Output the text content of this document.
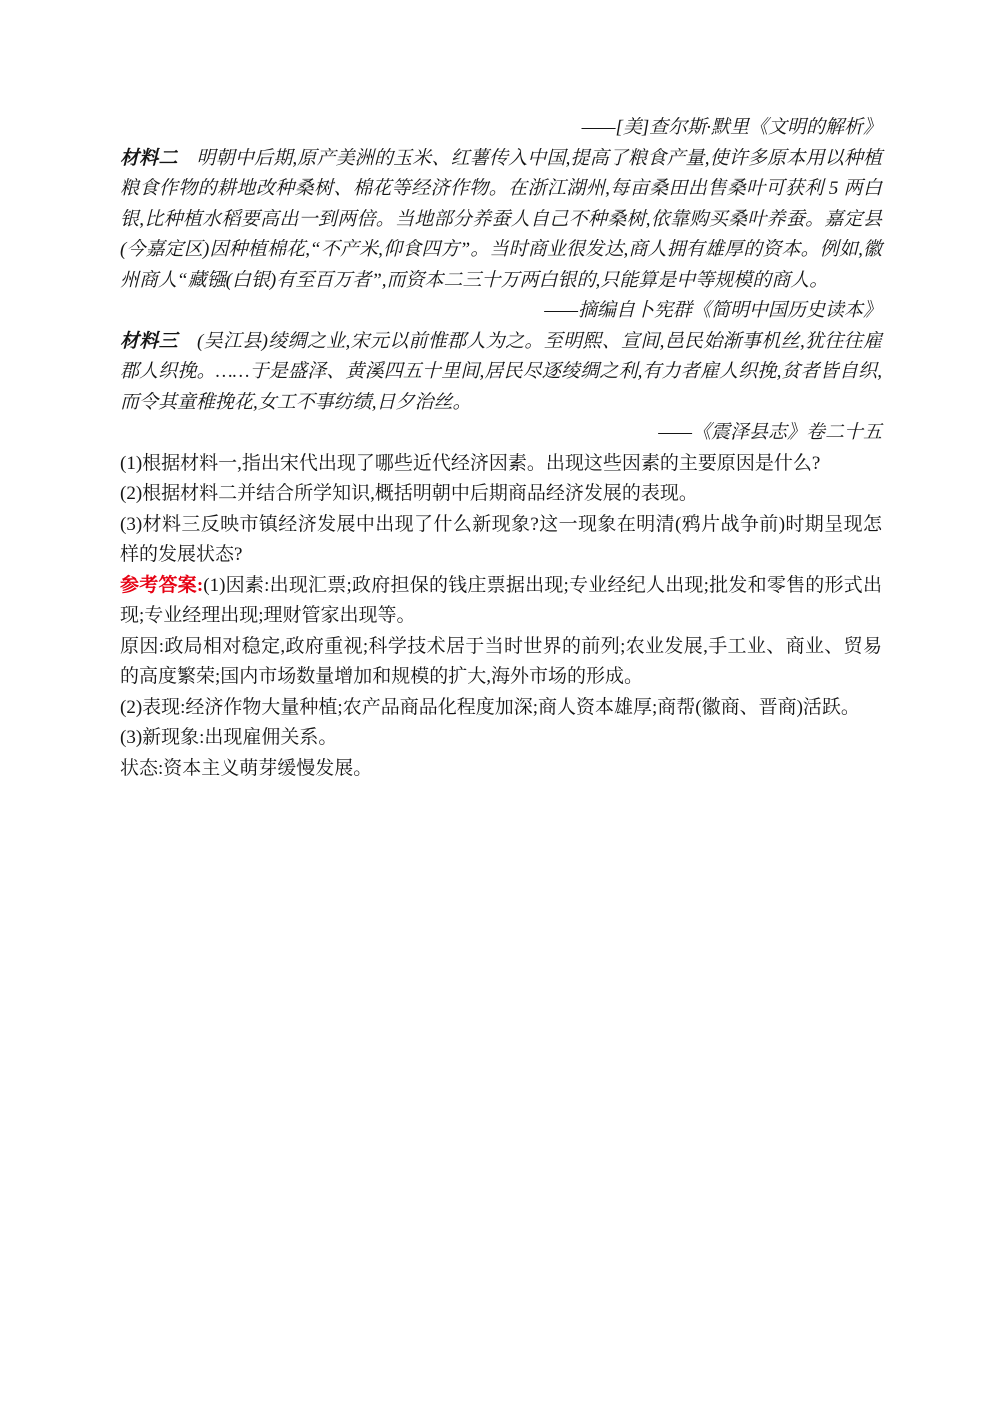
——[美]查尔斯·默里《文明的解析》

材料二 明朝中后期,原产美洲的玉米、红薯传入中国,提高了粮食产量,使许多原本用以种植粮食作物的耕地改种桑树、棉花等经济作物。在浙江湖州,每亩桑田出售桑叶可获利 5 两白银,比种植水稻要高出一到两倍。当地部分养蚕人自己不种桑树,依靠购买桑叶养蚕。嘉定县(今嘉定区)因种植棉花,“不产米,仰食四方”。当时商业很发达,商人拥有雄厚的资本。例如,徽州商人“藏镪(白银)有至百万者”,而资本二三十万两白银的,只能算是中等规模的商人。

——摘编自卜宪群《简明中国历史读本》

材料三 (吴江县)绫绸之业,宋元以前惟郡人为之。至明熙、宣间,邑民始渐事机丝,犹往往雇郡人织挽。……于是盛泽、黄溪四五十里间,居民尽逐绫绸之利,有力者雇人织挽,贫者皆自织,而令其童稚挽花,女工不事纺绩,日夕治丝。

——《震泽县志》卷二十五

(1)根据材料一,指出宋代出现了哪些近代经济因素。出现这些因素的主要原因是什么?

(2)根据材料二并结合所学知识,概括明朝中后期商品经济发展的表现。

(3)材料三反映市镇经济发展中出现了什么新现象?这一现象在明清(鸦片战争前)时期呈现怎样的发展状态?

参考答案:(1)因素:出现汇票;政府担保的钱庄票据出现;专业经纪人出现;批发和零售的形式出现;专业经理出现;理财管家出现等。

原因:政局相对稳定,政府重视;科学技术居于当时世界的前列;农业发展,手工业、商业、贸易的高度繁荣;国内市场数量增加和规模的扩大,海外市场的形成。

(2)表现:经济作物大量种植;农产品商品化程度加深;商人资本雄厚;商帮(徽商、晋商)活跃。

(3)新现象:出现雇佣关系。

状态:资本主义萌芽缓慢发展。
